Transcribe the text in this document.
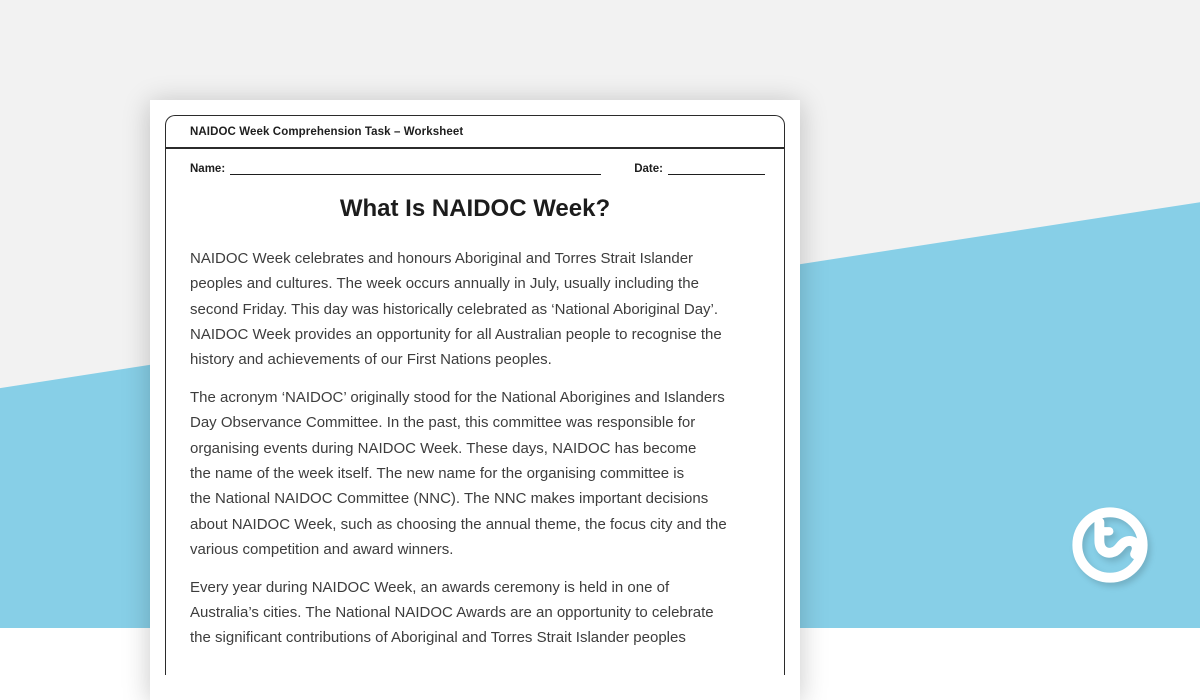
NAIDOC Week Comprehension Task – Worksheet
Name:	Date:
What Is NAIDOC Week?
NAIDOC Week celebrates and honours Aboriginal and Torres Strait Islander
peoples and cultures. The week occurs annually in July, usually including the
second Friday. This day was historically celebrated as ‘National Aboriginal Day’.
NAIDOC Week provides an opportunity for all Australian people to recognise the
history and achievements of our First Nations peoples.
The acronym ‘NAIDOC’ originally stood for the National Aborigines and Islanders
Day Observance Committee. In the past, this committee was responsible for
organising events during NAIDOC Week. These days, NAIDOC has become
the name of the week itself. The new name for the organising committee is
the National NAIDOC Committee (NNC). The NNC makes important decisions
about NAIDOC Week, such as choosing the annual theme, the focus city and the
various competition and award winners.
Every year during NAIDOC Week, an awards ceremony is held in one of
Australia’s cities. The National NAIDOC Awards are an opportunity to celebrate
the significant contributions of Aboriginal and Torres Strait Islander peoples
